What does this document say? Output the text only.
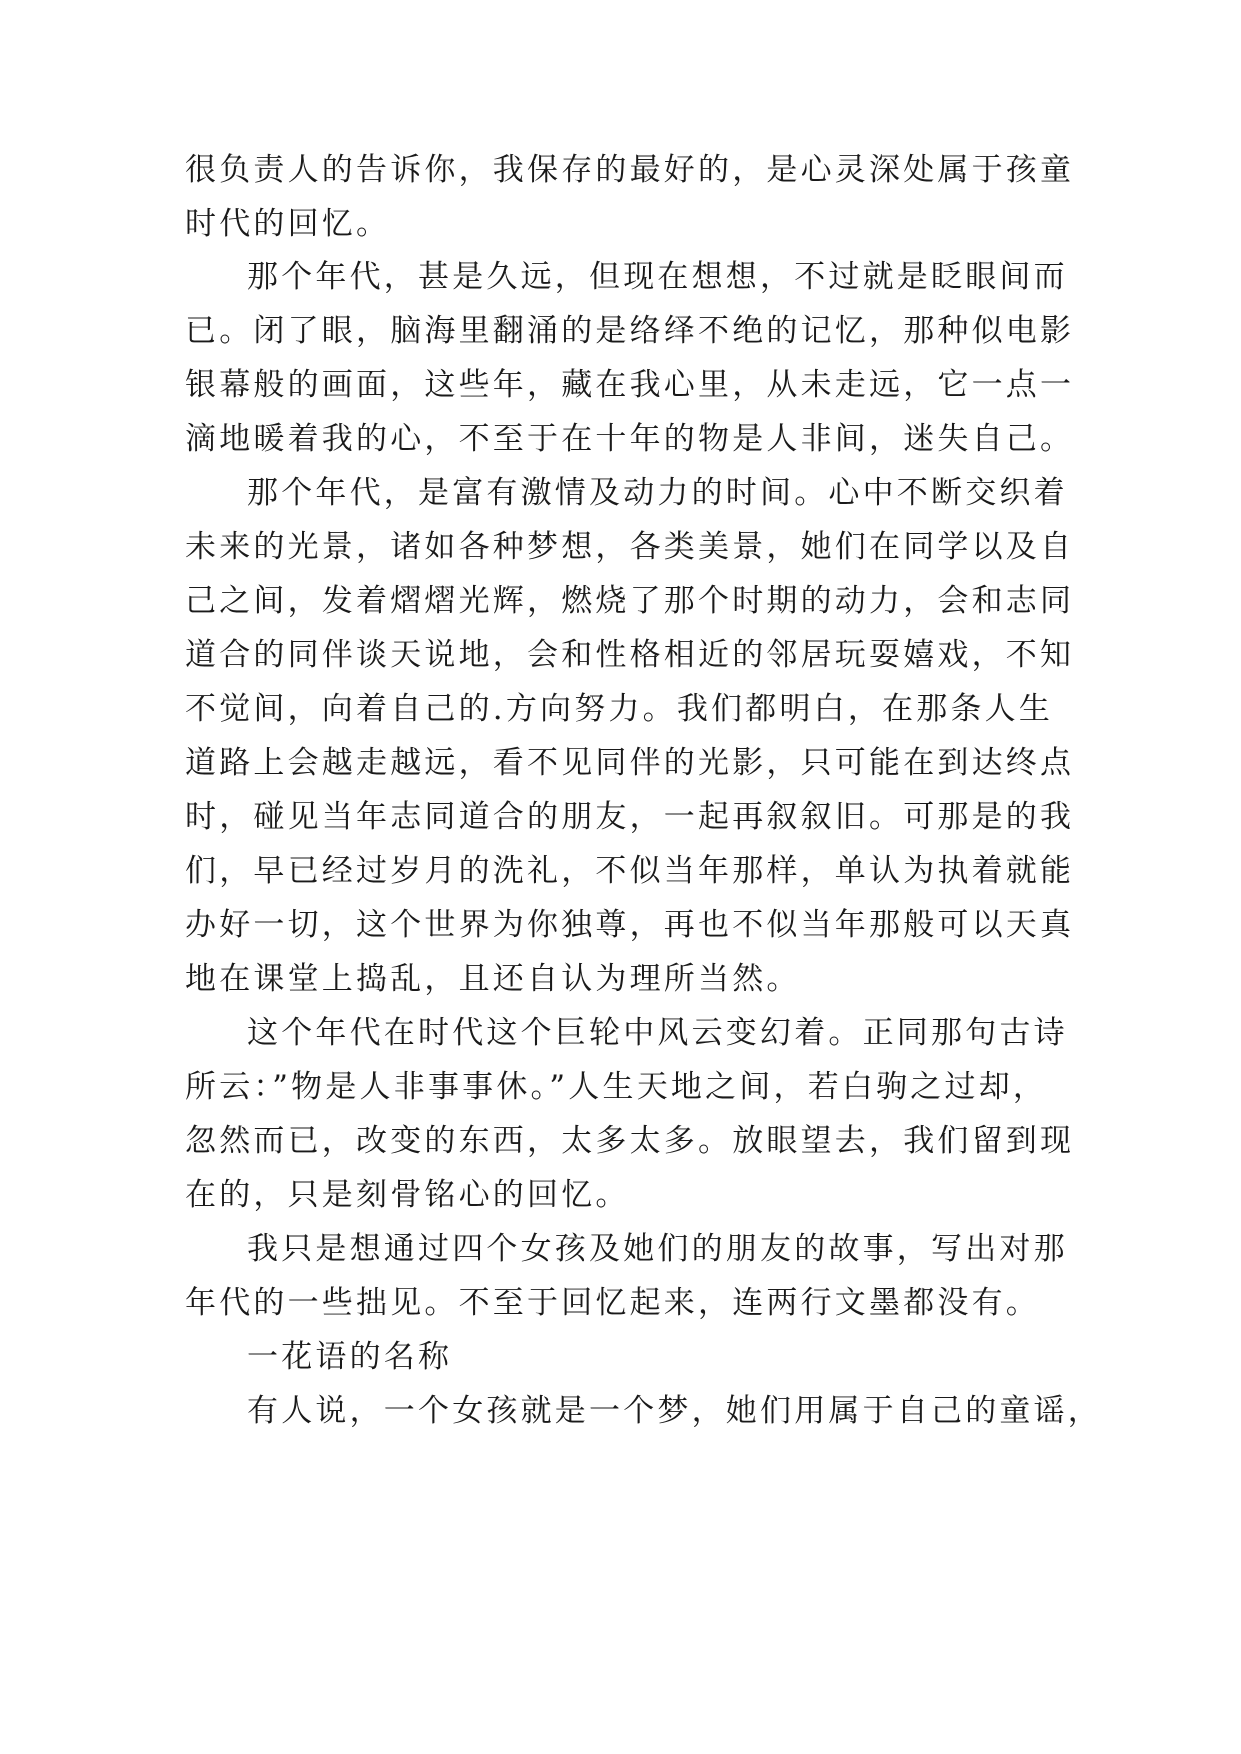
很负责人的告诉你，我保存的最好的，是心灵深处属于孩童
时代的回忆。
那个年代，甚是久远，但现在想想，不过就是眨眼间而
已。闭了眼，脑海里翻涌的是络绎不绝的记忆，那种似电影
银幕般的画面，这些年，藏在我心里，从未走远，它一点一
滴地暖着我的心，不至于在十年的物是人非间，迷失自己。
那个年代，是富有激情及动力的时间。心中不断交织着
未来的光景，诸如各种梦想，各类美景，她们在同学以及自
己之间，发着熠熠光辉，燃烧了那个时期的动力，会和志同
道合的同伴谈天说地，会和性格相近的邻居玩耍嬉戏，不知
不觉间，向着自己的.方向努力。我们都明白，在那条人生
道路上会越走越远，看不见同伴的光影，只可能在到达终点
时，碰见当年志同道合的朋友，一起再叙叙旧。可那是的我
们，早已经过岁月的洗礼，不似当年那样，单认为执着就能
办好一切，这个世界为你独尊，再也不似当年那般可以天真
地在课堂上捣乱，且还自认为理所当然。
这个年代在时代这个巨轮中风云变幻着。正同那句古诗
所云：”物是人非事事休。”人生天地之间，若白驹之过却，
忽然而已，改变的东西，太多太多。放眼望去，我们留到现
在的，只是刻骨铭心的回忆。
我只是想通过四个女孩及她们的朋友的故事，写出对那
年代的一些拙见。不至于回忆起来，连两行文墨都没有。
一花语的名称
有人说，一个女孩就是一个梦，她们用属于自己的童谣，
